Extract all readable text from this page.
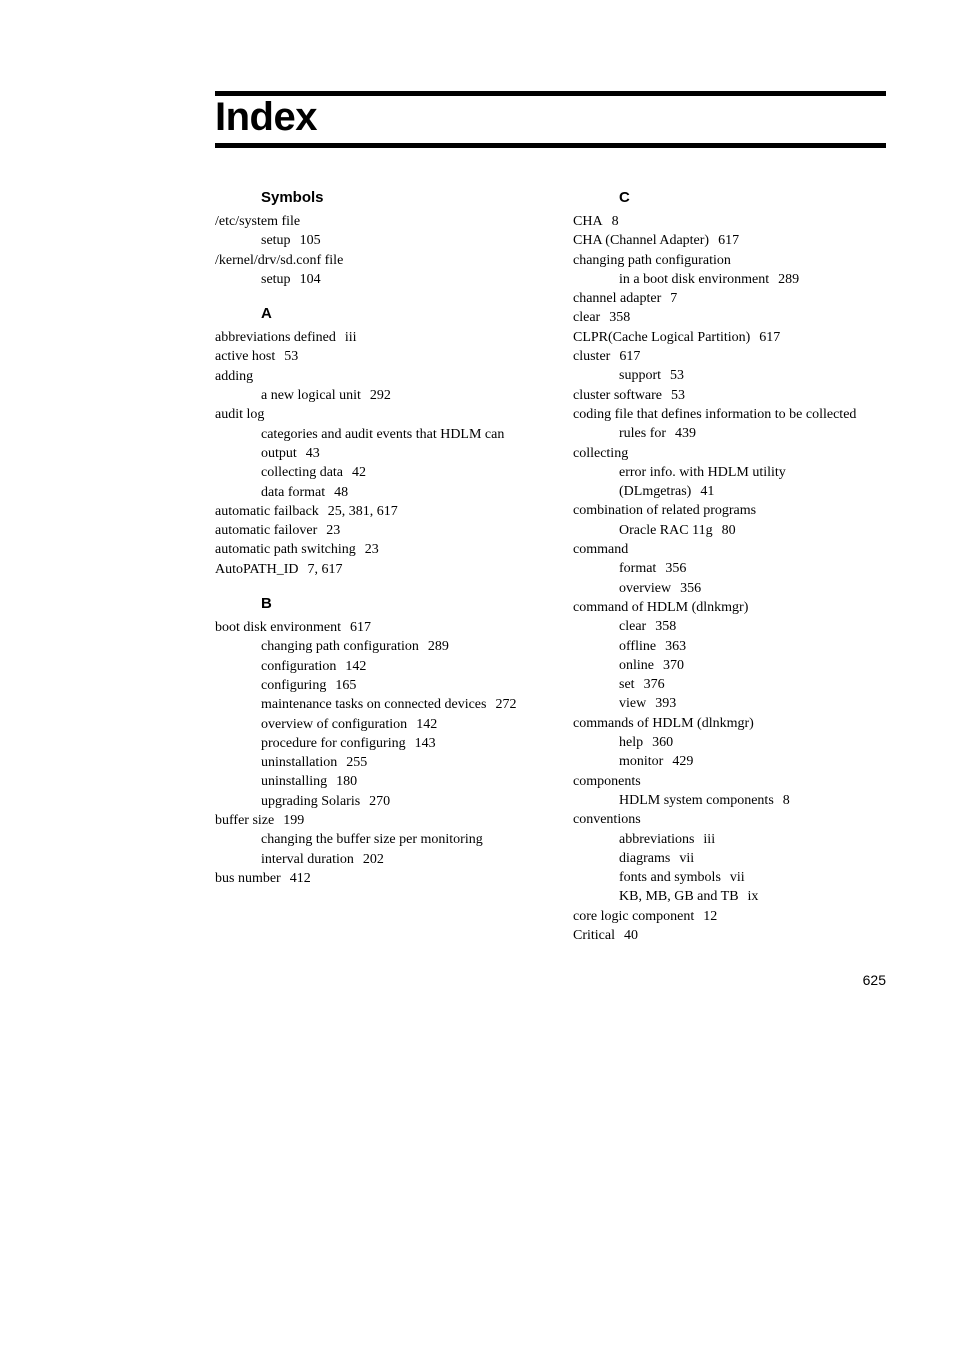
Index
Symbols
/etc/system file
setup 105
/kernel/drv/sd.conf file
setup 104
A
abbreviations defined iii
active host 53
adding
a new logical unit 292
audit log
categories and audit events that HDLM can
output 43
collecting data 42
data format 48
automatic failback 25, 381, 617
automatic failover 23
automatic path switching 23
AutoPATH_ID 7, 617
B
boot disk environment 617
changing path configuration 289
configuration 142
configuring 165
maintenance tasks on connected devices 272
overview of configuration 142
procedure for configuring 143
uninstallation 255
uninstalling 180
upgrading Solaris 270
buffer size 199
changing the buffer size per monitoring
interval duration 202
bus number 412
C
CHA 8
CHA (Channel Adapter) 617
changing path configuration
in a boot disk environment 289
channel adapter 7
clear 358
CLPR(Cache Logical Partition) 617
cluster 617
support 53
cluster software 53
coding file that defines information to be collected
rules for 439
collecting
error info. with HDLM utility
(DLmgetras) 41
combination of related programs
Oracle RAC 11g 80
command
format 356
overview 356
command of HDLM (dlnkmgr)
clear 358
offline 363
online 370
set 376
view 393
commands of HDLM (dlnkmgr)
help 360
monitor 429
components
HDLM system components 8
conventions
abbreviations iii
diagrams vii
fonts and symbols vii
KB, MB, GB and TB ix
core logic component 12
Critical 40
625
